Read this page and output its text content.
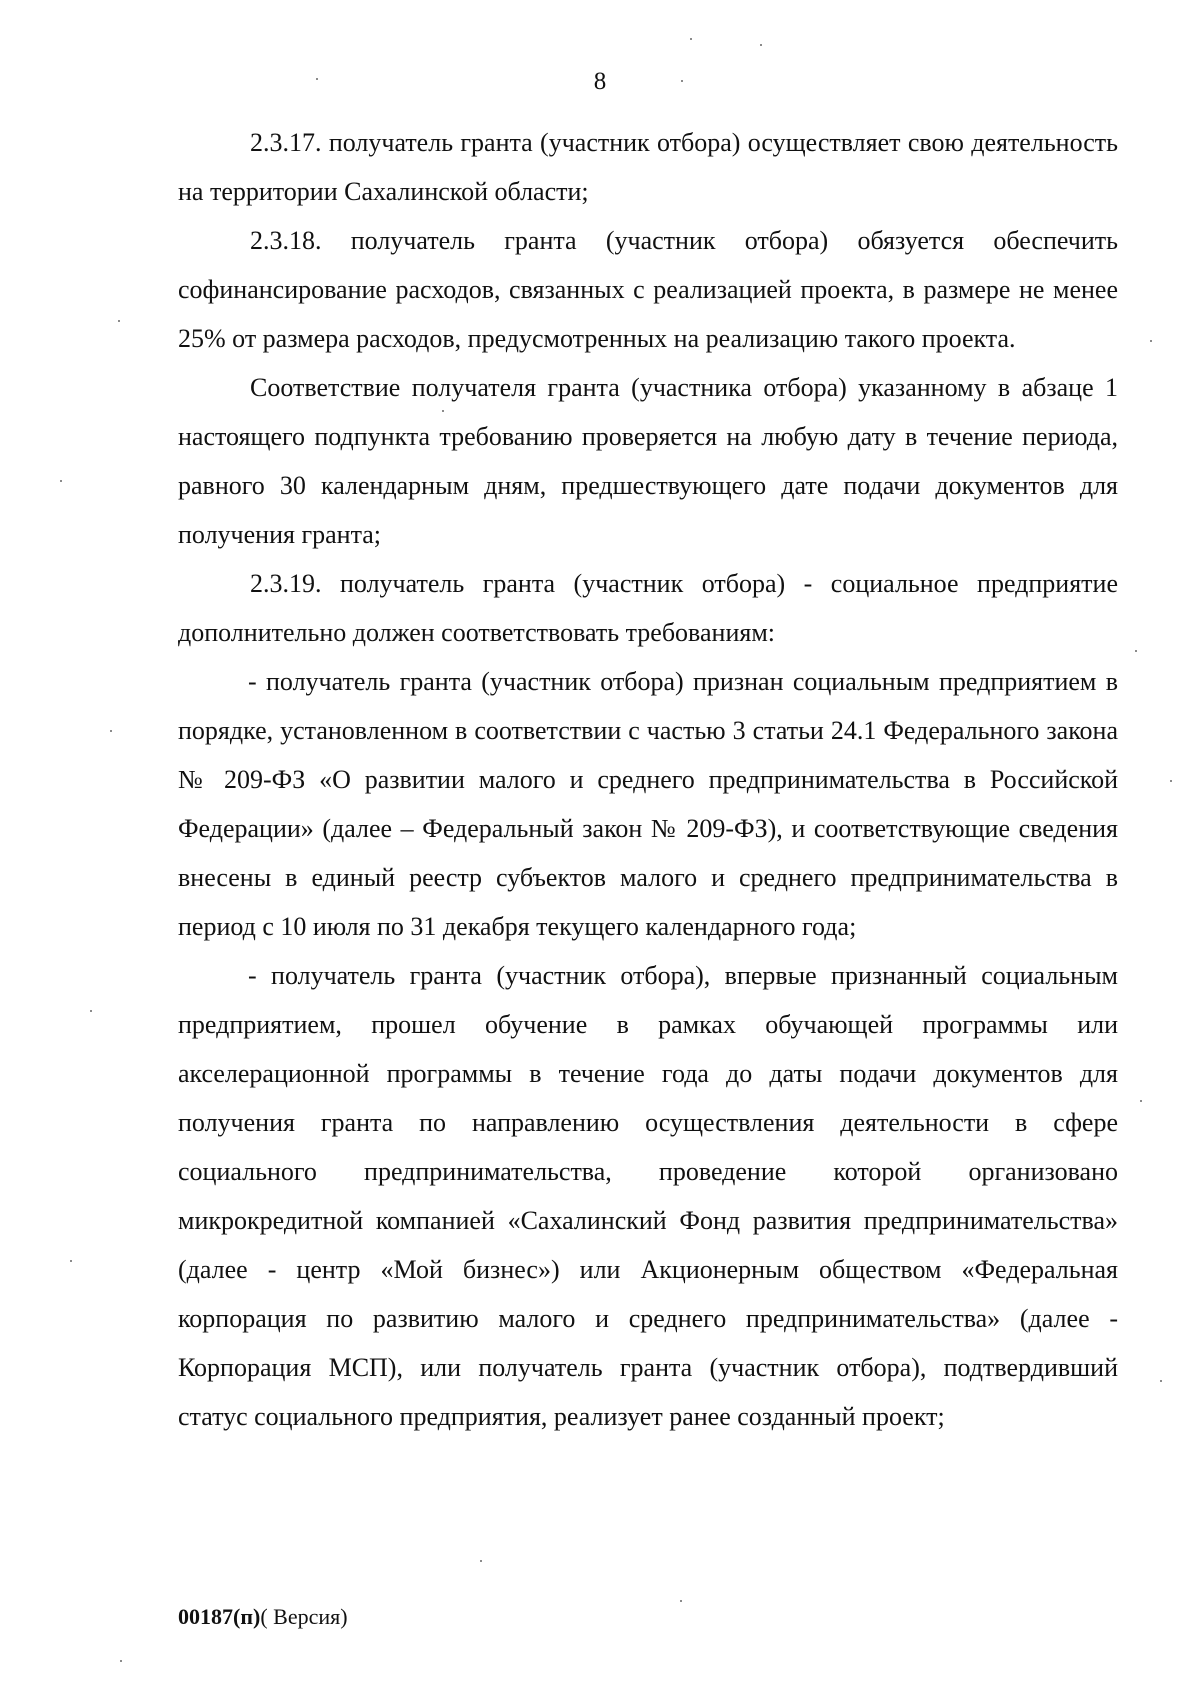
8

2.3.17. получатель гранта (участник отбора) осуществляет свою деятельность на территории Сахалинской области;

2.3.18. получатель гранта (участник отбора) обязуется обеспечить софинансирование расходов, связанных с реализацией проекта, в размере не менее 25% от размера расходов, предусмотренных на реализацию такого проекта.

Соответствие получателя гранта (участника отбора) указанному в абзаце 1 настоящего подпункта требованию проверяется на любую дату в течение периода, равного 30 календарным дням, предшествующего дате подачи документов для получения гранта;

2.3.19. получатель гранта (участник отбора) - социальное предприятие дополнительно должен соответствовать требованиям:

- получатель гранта (участник отбора) признан социальным предприятием в порядке, установленном в соответствии с частью 3 статьи 24.1 Федерального закона № 209-ФЗ «О развитии малого и среднего предпринимательства в Российской Федерации» (далее – Федеральный закон № 209-ФЗ), и соответствующие сведения внесены в единый реестр субъектов малого и среднего предпринимательства в период с 10 июля по 31 декабря текущего календарного года;

- получатель гранта (участник отбора), впервые признанный социальным предприятием, прошел обучение в рамках обучающей программы или акселерационной программы в течение года до даты подачи документов для получения гранта по направлению осуществления деятельности в сфере социального предпринимательства, проведение которой организовано микрокредитной компанией «Сахалинский Фонд развития предпринимательства» (далее - центр «Мой бизнес») или Акционерным обществом «Федеральная корпорация по развитию малого и среднего предпринимательства» (далее - Корпорация МСП), или получатель гранта (участник отбора), подтвердивший статус социального предприятия, реализует ранее созданный проект;

00187(п)( Версия)
